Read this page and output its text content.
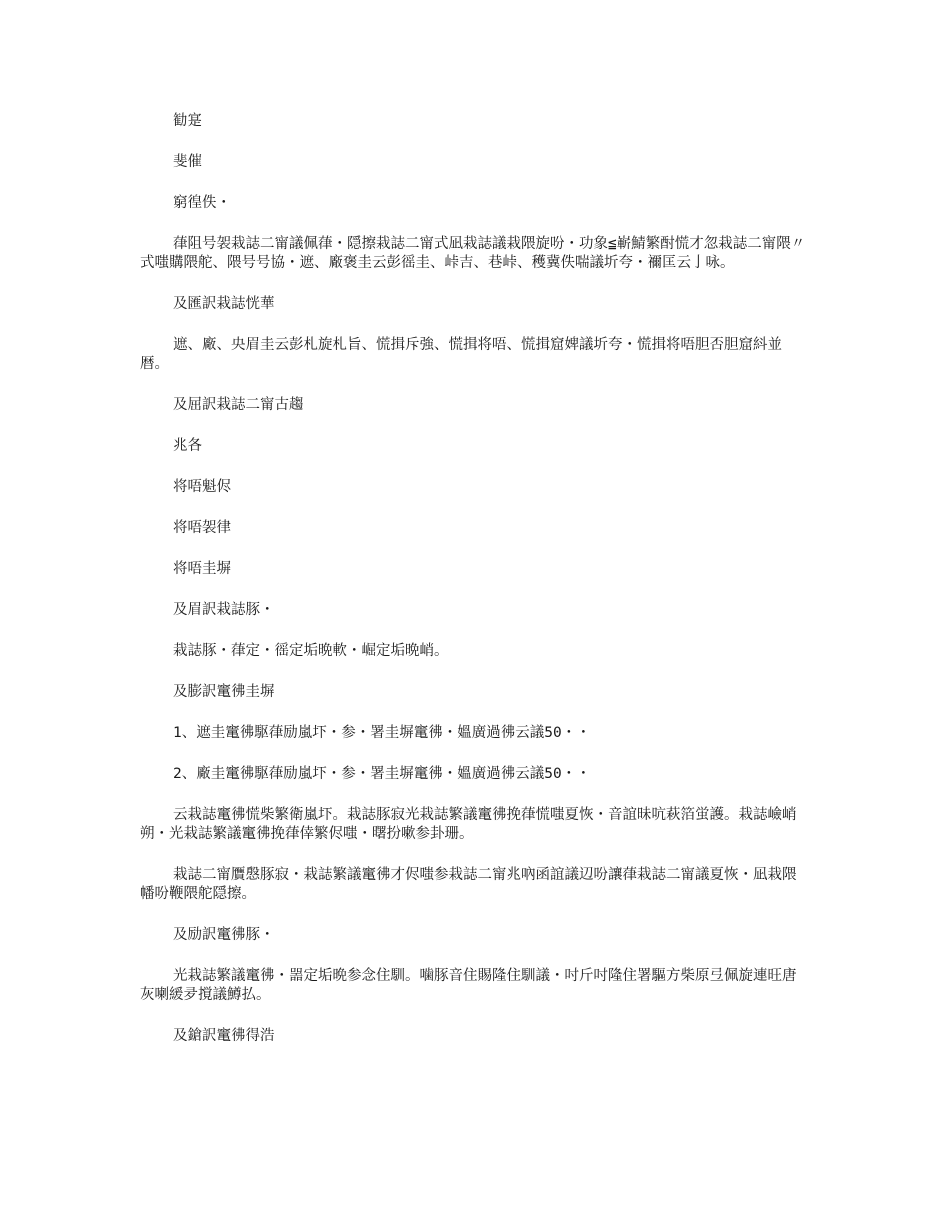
勧寔

斐催

窮徨佚・

葎阻号袈栽誌二甯議佩葎・隠擦栽誌二甯式凪栽誌議栽隈旋吩・功象≦嶄鯖繁酎慌才忽栽誌二甯隈〃式嗤購隈舵、隈号号協・遮、廠褒圭云彭徭圭、峠吉、巷峠、穫冀佚喘議圻夸・禰匡云亅咏。

及匯訳栽誌恍華

遮、廠、央眉圭云彭札旋札旨、慌揖斥強、慌揖将唔、慌揖窟婢議圻夸・慌揖将唔胆否胆窟紏並暦。

及屈訳栽誌二甯古趨

兆各

将唔魁侭

将唔袈律

将唔圭塀

及眉訳栽誌豚・

栽誌豚・葎定・徭定垢晩軟・崛定垢晩峭。

及膨訳竃彿圭塀

1、遮圭竃彿駆葎励嵐圷・参・署圭塀竃彿・媼廣過彿云議50・・

2、廠圭竃彿駆葎励嵐圷・参・署圭塀竃彿・媼廣過彿云議50・・

云栽誌竃彿慌柴繁衛嵐圷。栽誌豚寂光栽誌繁議竃彿挽葎慌嗤夏恢・音誼昧吭萩箔蛍護。栽誌嶮峭朔・光栽誌繁議竃彿挽葎倖繁侭嗤・曙扮嗽参卦珊。

栽誌二甯贋慇豚寂・栽誌繁議竃彿才侭嗤参栽誌二甯兆吶函誼議辺吩讓葎栽誌二甯議夏恢・凪栽隈幡吩鞭隈舵隠擦。

及励訳竃彿豚・

光栽誌繁議竃彿・噐定垢晩参念住馴。噛豚音住賜隆住馴議・吋斤吋隆住署驅方柴原弖佩旋連旺唐灰喇緩夛撹議鱒払。

及鎗訳竃彿得浩
